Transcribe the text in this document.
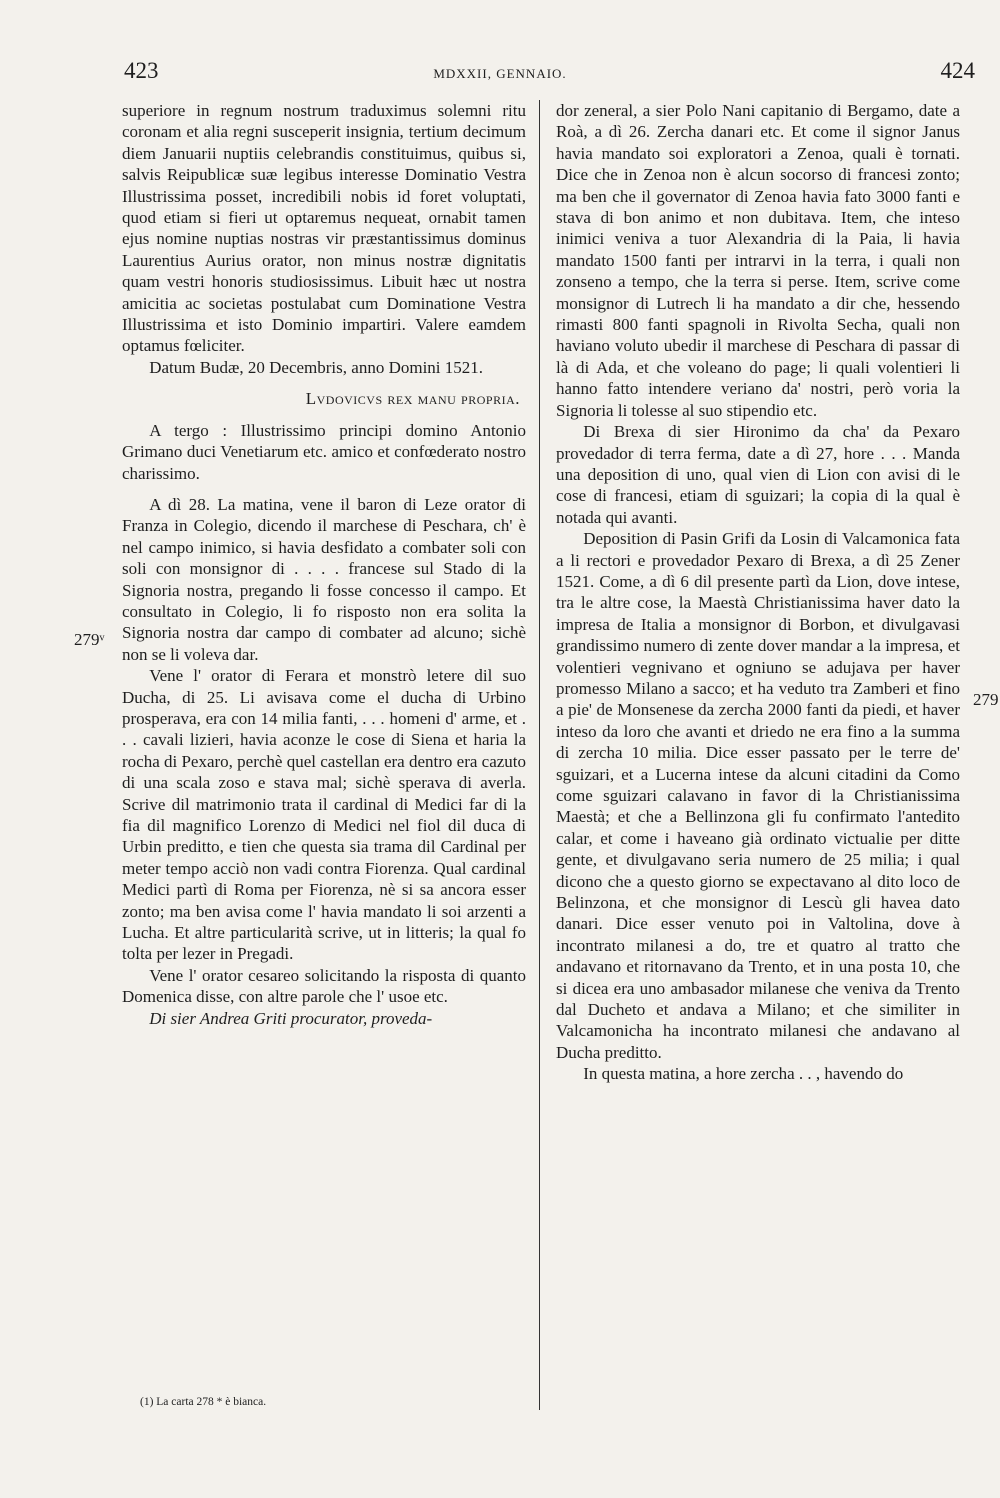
423	MDXXII, GENNAIO.	424
279ᵛ
279

superiore in regnum nostrum traduximus solemni ritu coronam et alia regni susceperit insignia, tertium decimum diem Januarii nuptiis celebrandis constituimus, quibus si, salvis Reipublicæ suæ legibus interesse Dominatio Vestra Illustrissima posset, incredibili nobis id foret voluptati, quod etiam si fieri ut optaremus nequeat, ornabit tamen ejus nomine nuptias nostras vir præstantissimus dominus Laurentius Aurius orator, non minus nostræ dignitatis quam vestri honoris studiosissimus. Libuit hæc ut nostra amicitia ac societas postulabat cum Dominatione Vestra Illustrissima et isto Dominio impartiri. Valere eamdem optamus fœliciter.

Datum Budæ, 20 Decembris, anno Domini 1521.

Lvdovicvs rex manu propria.

A tergo : Illustrissimo principi domino Antonio Grimano duci Venetiarum etc. amico et confœderato nostro charissimo.

A dì 28. La matina, vene il baron di Leze orator di Franza in Colegio, dicendo il marchese di Peschara, ch' è nel campo inimico, si havia desfidato a combater soli con soli con monsignor di . . . . francese sul Stado di la Signoria nostra, pregando li fosse concesso il campo. Et consultato in Colegio, li fo risposto non era solita la Signoria nostra dar campo di combater ad alcuno; sichè non se li voleva dar.

Vene l' orator di Ferara et monstrò letere dil suo Ducha, di 25. Li avisava come el ducha di Urbino prosperava, era con 14 milia fanti, . . . homeni d' arme, et . . . cavali lizieri, havia aconze le cose di Siena et haria la rocha di Pexaro, perchè quel castellan era dentro era cazuto di una scala zoso e stava mal; sichè sperava di averla. Scrive dil matrimonio trata il cardinal di Medici far di la fia dil magnifico Lorenzo di Medici nel fiol dil duca di Urbin preditto, e tien che questa sia trama dil Cardinal per meter tempo acciò non vadi contra Fiorenza. Qual cardinal Medici partì di Roma per Fiorenza, nè si sa ancora esser zonto; ma ben avisa come l' havia mandato li soi arzenti a Lucha. Et altre particularità scrive, ut in litteris; la qual fo tolta per lezer in Pregadi.

Vene l' orator cesareo solicitando la risposta di quanto Domenica disse, con altre parole che l' usoe etc.

Di sier Andrea Griti procurator, proveda-

dor zeneral, a sier Polo Nani capitanio di Bergamo, date a Roà, a dì 26. Zercha danari etc. Et come il signor Janus havia mandato soi exploratori a Zenoa, quali è tornati. Dice che in Zenoa non è alcun socorso di francesi zonto; ma ben che il governator di Zenoa havia fato 3000 fanti e stava di bon animo et non dubitava. Item, che inteso inimici veniva a tuor Alexandria di la Paia, li havia mandato 1500 fanti per intrarvi in la terra, i quali non zonseno a tempo, che la terra si perse. Item, scrive come monsignor di Lutrech li ha mandato a dir che, hessendo rimasti 800 fanti spagnoli in Rivolta Secha, quali non haviano voluto ubedir il marchese di Peschara di passar di là di Ada, et che voleano do page; li quali volentieri li hanno fatto intendere veriano da' nostri, però voria la Signoria li tolesse al suo stipendio etc.

Di Brexa di sier Hironimo da cha' da Pexaro provedador di terra ferma, date a dì 27, hore . . . Manda una deposition di uno, qual vien di Lion con avisi di le cose di francesi, etiam di sguizari; la copia di la qual è notada qui avanti.

Deposition di Pasin Grifi da Losin di Valcamonica fata a li rectori e provedador Pexaro di Brexa, a dì 25 Zener 1521. Come, a dì 6 dil presente partì da Lion, dove intese, tra le altre cose, la Maestà Christianissima haver dato la impresa de Italia a monsignor di Borbon, et divulgavasi grandissimo numero di zente dover mandar a la impresa, et volentieri vegnivano et ogniuno se adujava per haver promesso Milano a sacco; et ha veduto tra Zamberi et fino a pie' de Monsenese da zercha 2000 fanti da piedi, et haver inteso da loro che avanti et driedo ne era fino a la summa di zercha 10 milia. Dice esser passato per le terre de' sguizari, et a Lucerna intese da alcuni citadini da Como come sguizari calavano in favor di la Christianissima Maestà; et che a Bellinzona gli fu confirmato l'antedito calar, et come i haveano già ordinato victualie per ditte gente, et divulgavano seria numero de 25 milia; i qual dicono che a questo giorno se expectavano al dito loco de Belinzona, et che monsignor di Lescù gli havea dato danari. Dice esser venuto poi in Valtolina, dove à incontrato milanesi a do, tre et quatro al tratto che andavano et ritornavano da Trento, et in una posta 10, che si dicea era uno ambasador milanese che veniva da Trento dal Ducheto et andava a Milano; et che similiter in Valcamonicha ha incontrato milanesi che andavano al Ducha preditto.

In questa matina, a hore zercha . . , havendo do

(1) La carta 278 * è bianca.
